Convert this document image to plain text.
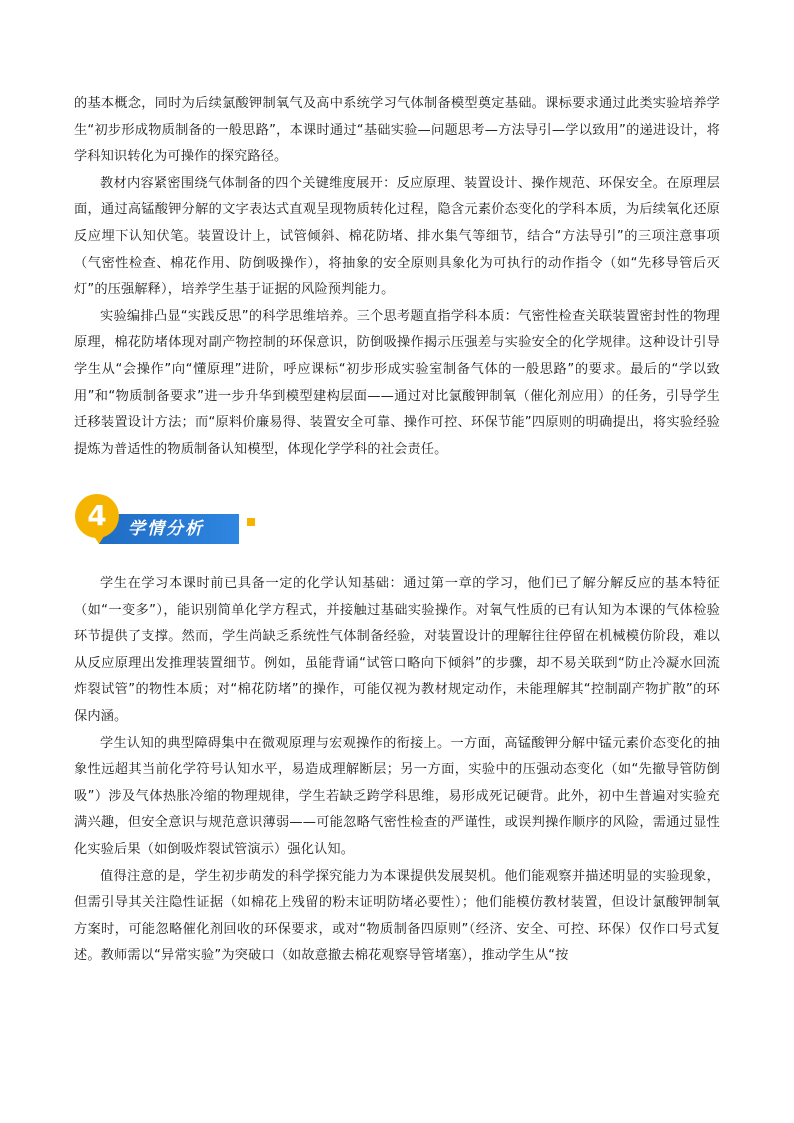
的基本概念，同时为后续氯酸钾制氧气及高中系统学习气体制备模型奠定基础。课标要求通过此类实验培养学生“初步形成物质制备的一般思路”，本课时通过“基础实验—问题思考—方法导引—学以致用”的递进设计，将学科知识转化为可操作的探究路径。

教材内容紧密围绕气体制备的四个关键维度展开：反应原理、装置设计、操作规范、环保安全。在原理层面，通过高锰酸钾分解的文字表达式直观呈现物质转化过程，隐含元素价态变化的学科本质，为后续氧化还原反应埋下认知伏笔。装置设计上，试管倾斜、棉花防堵、排水集气等细节，结合“方法导引”的三项注意事项（气密性检查、棉花作用、防倒吸操作），将抽象的安全原则具象化为可执行的动作指令（如“先移导管后灭灯”的压强解释），培养学生基于证据的风险预判能力。

实验编排凸显“实践反思”的科学思维培养。三个思考题直指学科本质：气密性检查关联装置密封性的物理原理，棉花防堵体现对副产物控制的环保意识，防倒吸操作揭示压强差与实验安全的化学规律。这种设计引导学生从“会操作”向“懂原理”进阶，呼应课标“初步形成实验室制备气体的一般思路”的要求。最后的“学以致用”和“物质制备要求”进一步升华到模型建构层面——通过对比氯酸钾制氧（催化剂应用）的任务，引导学生迁移装置设计方法；而“原料价廉易得、装置安全可靠、操作可控、环保节能”四原则的明确提出，将实验经验提炼为普适性的物质制备认知模型，体现化学学科的社会责任。

4	学情分析

学生在学习本课时前已具备一定的化学认知基础：通过第一章的学习，他们已了解分解反应的基本特征（如“一变多”），能识别简单化学方程式，并接触过基础实验操作。对氧气性质的已有认知为本课的气体检验环节提供了支撑。然而，学生尚缺乏系统性气体制备经验，对装置设计的理解往往停留在机械模仿阶段，难以从反应原理出发推理装置细节。例如，虽能背诵“试管口略向下倾斜”的步骤，却不易关联到“防止冷凝水回流炸裂试管”的物性本质；对“棉花防堵”的操作，可能仅视为教材规定动作，未能理解其“控制副产物扩散”的环保内涵。

学生认知的典型障碍集中在微观原理与宏观操作的衔接上。一方面，高锰酸钾分解中锰元素价态变化的抽象性远超其当前化学符号认知水平，易造成理解断层；另一方面，实验中的压强动态变化（如“先撤导管防倒吸”）涉及气体热胀冷缩的物理规律，学生若缺乏跨学科思维，易形成死记硬背。此外，初中生普遍对实验充满兴趣，但安全意识与规范意识薄弱——可能忽略气密性检查的严谨性，或误判操作顺序的风险，需通过显性化实验后果（如倒吸炸裂试管演示）强化认知。

值得注意的是，学生初步萌发的科学探究能力为本课提供发展契机。他们能观察并描述明显的实验现象，但需引导其关注隐性证据（如棉花上残留的粉末证明防堵必要性）；他们能模仿教材装置，但设计氯酸钾制氧方案时，可能忽略催化剂回收的环保要求，或对“物质制备四原则”（经济、安全、可控、环保）仅作口号式复述。教师需以“异常实验”为突破口（如故意撤去棉花观察导管堵塞），推动学生从“按
